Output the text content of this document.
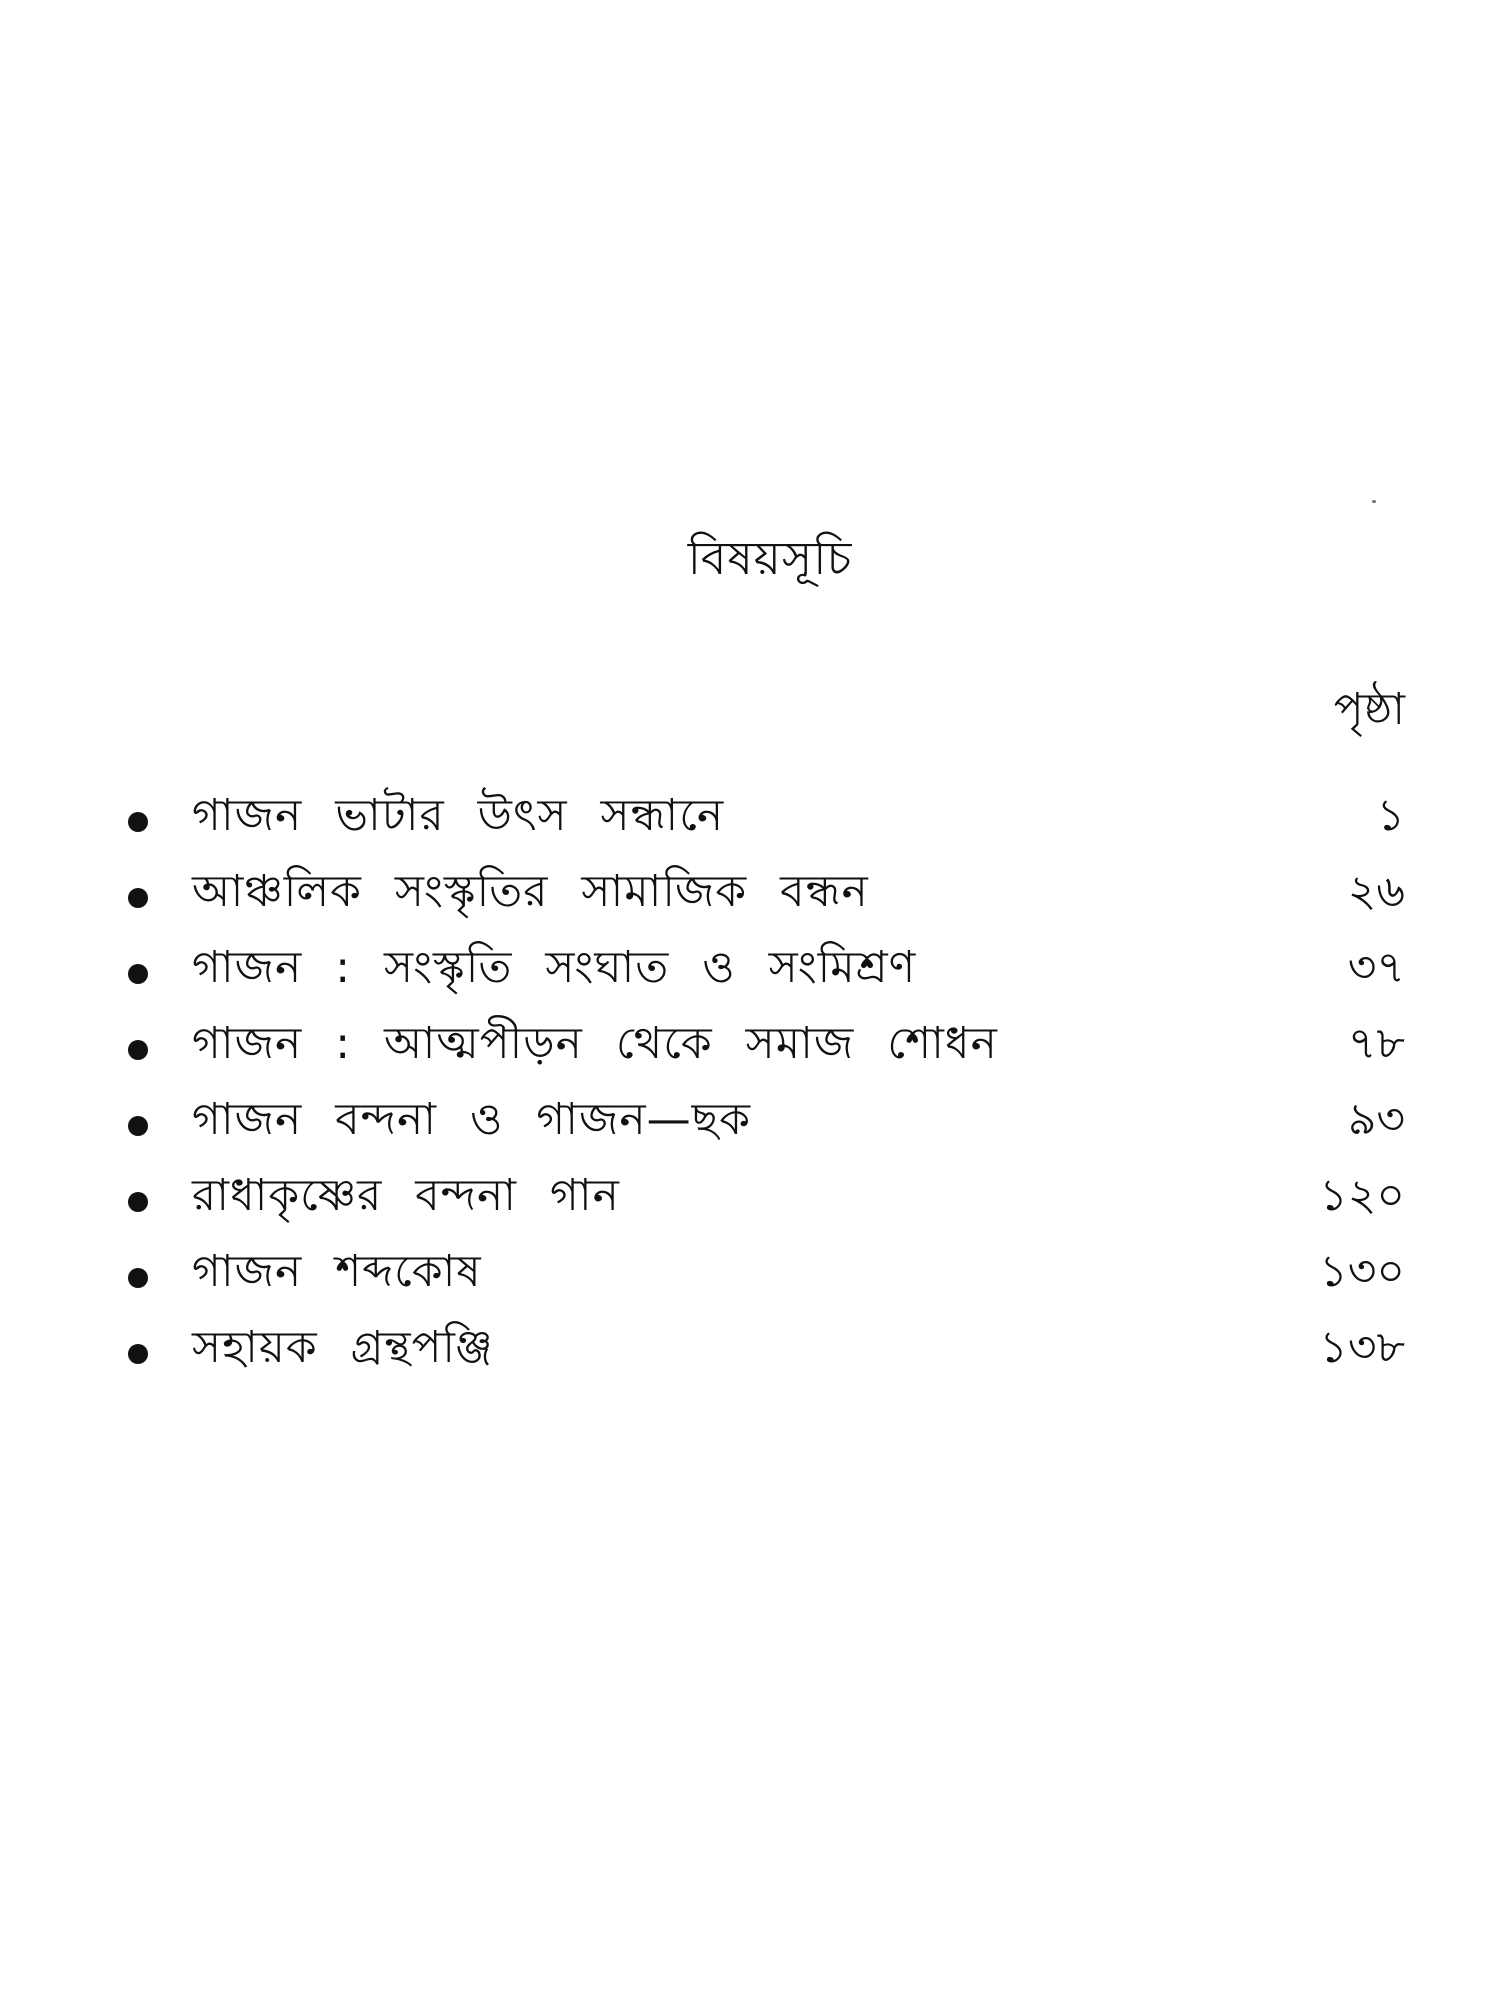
বিষয়সূচি
পৃষ্ঠা
গাজন ভাটার উৎস সন্ধানে	১
আঞ্চলিক সংস্কৃতির সামাজিক বন্ধন	২৬
গাজন : সংস্কৃতি সংঘাত ও সংমিশ্রণ	৩৭
গাজন : আত্মপীড়ন থেকে সমাজ শোধন	৭৮
গাজন বন্দনা ও গাজন—ছক	৯৩
রাধাকৃষ্ণের বন্দনা গান	১২০
গাজন শব্দকোষ	১৩০
সহায়ক গ্রন্থপঞ্জি	১৩৮
